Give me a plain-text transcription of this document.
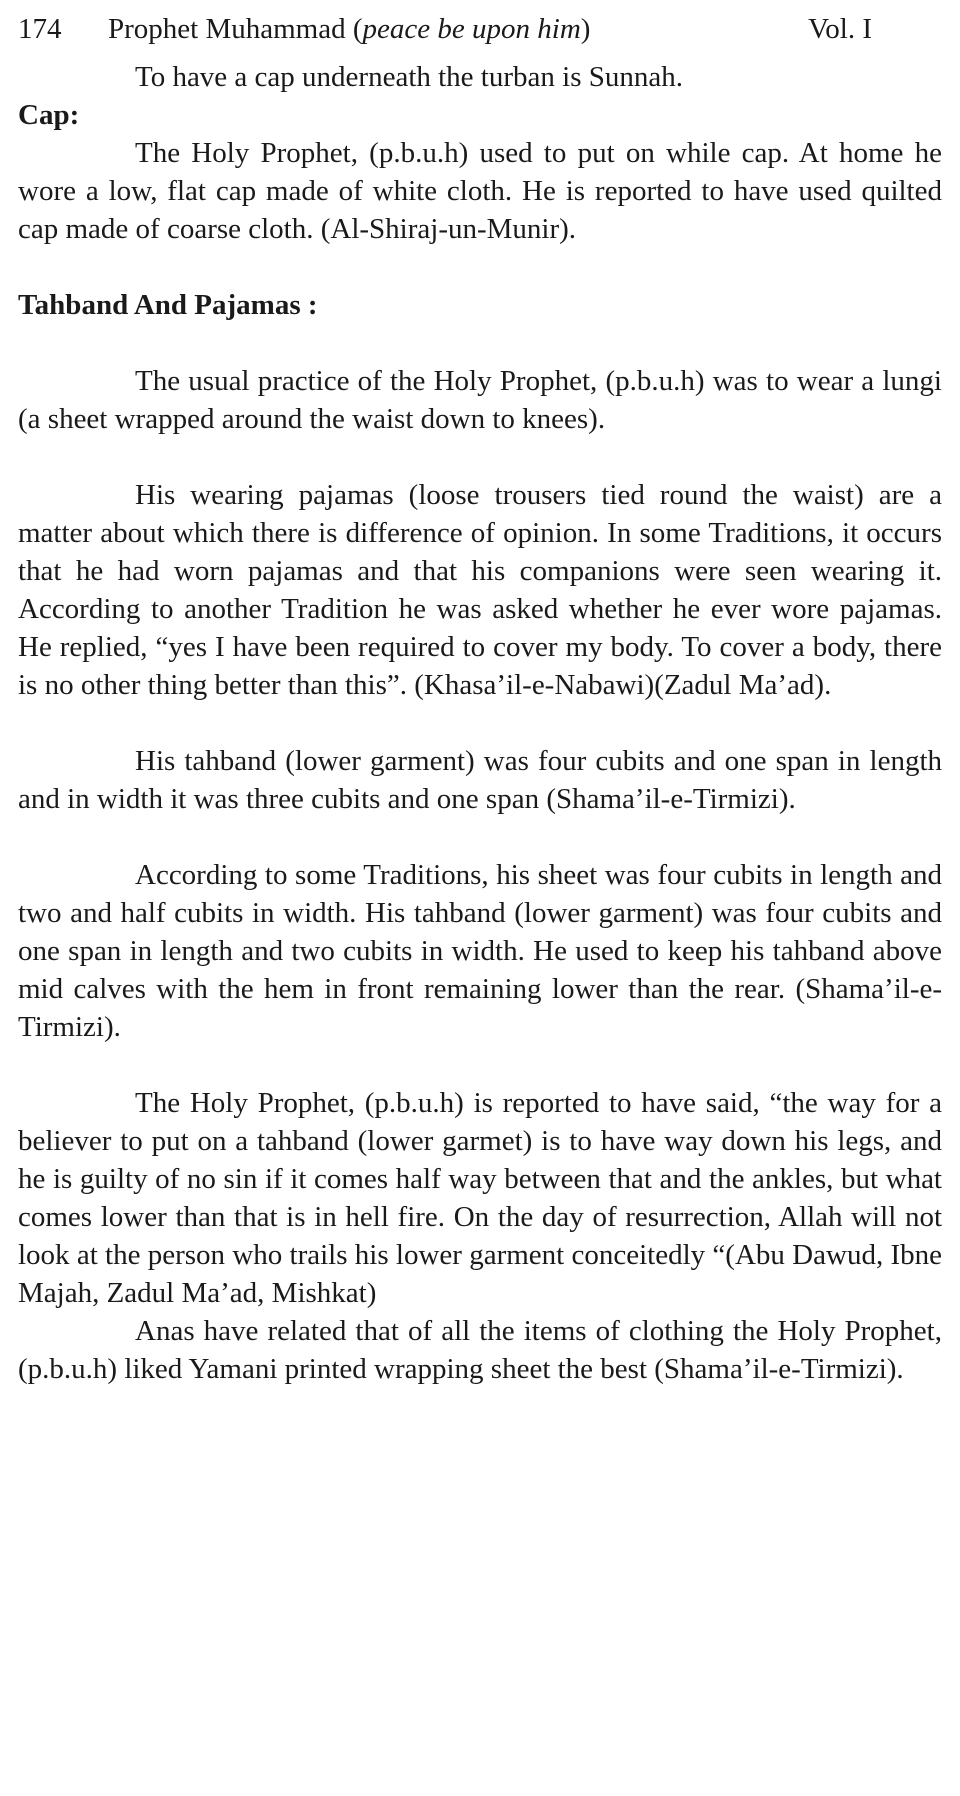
174 Prophet Muhammad (peace be upon him)	Vol. I

To have a cap underneath the turban is Sunnah.

Cap:

The Holy Prophet, (p.b.u.h) used to put on while cap. At home he wore a low, flat cap made of white cloth. He is reported to have used quilted cap made of coarse cloth. (Al-Shiraj-un-Munir).

Tahband And Pajamas :

The usual practice of the Holy Prophet, (p.b.u.h) was to wear a lungi (a sheet wrapped around the waist down to knees).

His wearing pajamas (loose trousers tied round the waist) are a matter about which there is difference of opinion. In some Traditions, it occurs that he had worn pajamas and that his companions were seen wearing it. According to another Tradition he was asked whether he ever wore pajamas. He replied, “yes I have been required to cover my body. To cover a body, there is no other thing better than this”. (Khasa’il-e-Nabawi)(Zadul Ma’ad).

His tahband (lower garment) was four cubits and one span in length and in width it was three cubits and one span (Shama’il-e-Tirmizi).

According to some Traditions, his sheet was four cubits in length and two and half cubits in width. His tahband (lower garment) was four cubits and one span in length and two cubits in width. He used to keep his tahband above mid calves with the hem in front remaining lower than the rear. (Shama’il-e-Tirmizi).

The Holy Prophet, (p.b.u.h) is reported to have said, “the way for a believer to put on a tahband (lower garmet) is to have way down his legs, and he is guilty of no sin if it comes half way between that and the ankles, but what comes lower than that is in hell fire. On the day of resurrection, Allah will not look at the person who trails his lower garment conceitedly “(Abu Dawud, Ibne Majah, Zadul Ma’ad, Mishkat)

Anas have related that of all the items of clothing the Holy Prophet, (p.b.u.h) liked Yamani printed wrapping sheet the best (Shama’il-e-Tirmizi).
